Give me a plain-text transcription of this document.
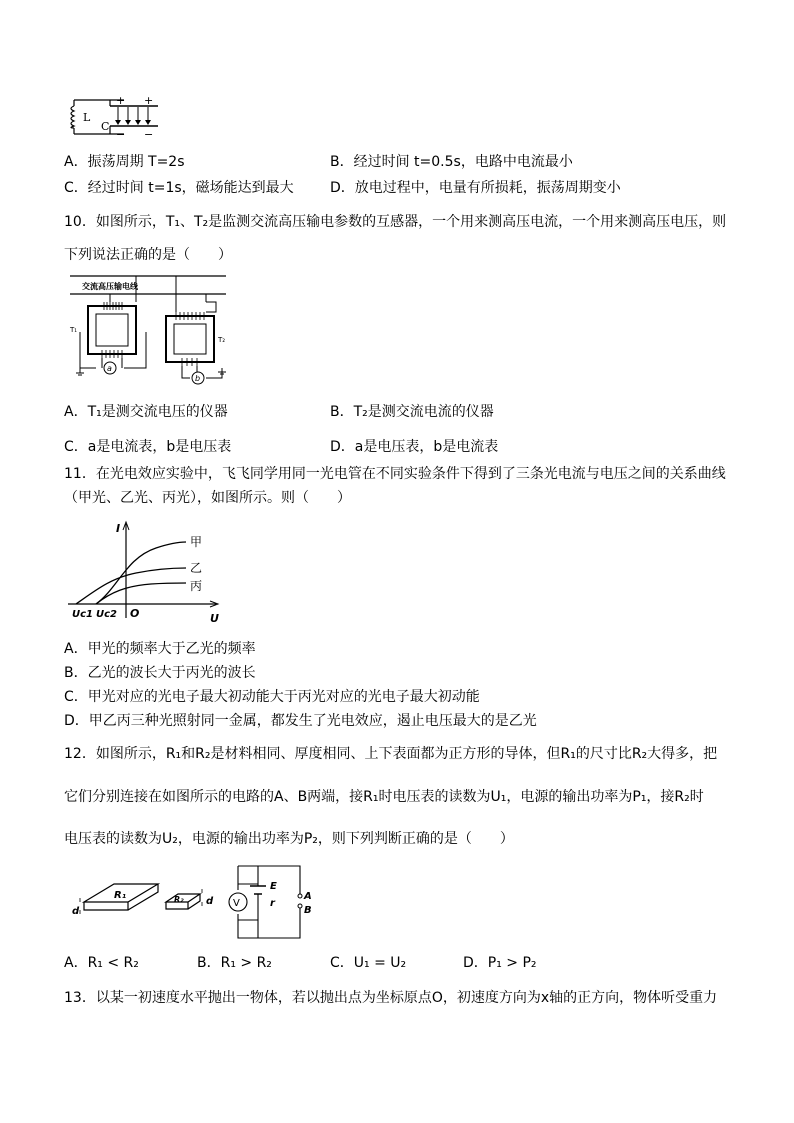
L
C
+ +
− −
A．振荡周期 T=2s	B．经过时间 t=0.5s，电路中电流最小
C．经过时间 t=1s，磁场能达到最大	D．放电过程中，电量有所损耗，振荡周期变小
10．如图所示，T₁、T₂是监测交流高压输电参数的互感器，一个用来测高压电流，一个用来测高压电压，则
下列说法正确的是（　　）
交流高压输电线
a
T₁
b
T₂
A．T₁是测交流电压的仪器	B．T₂是测交流电流的仪器
C．a是电流表，b是电压表	D．a是电压表，b是电流表
11．在光电效应实验中，飞飞同学用同一光电管在不同实验条件下得到了三条光电流与电压之间的关系曲线
（甲光、乙光、丙光），如图所示。则（　　）
I
U
O
Uc1 Uc2
甲
乙
丙
A．甲光的频率大于乙光的频率
B．乙光的波长大于丙光的波长
C．甲光对应的光电子最大初动能大于丙光对应的光电子最大初动能
D．甲乙丙三种光照射同一金属，都发生了光电效应，遏止电压最大的是乙光
12．如图所示，R₁和R₂是材料相同、厚度相同、上下表面都为正方形的导体，但R₁的尺寸比R₂大得多，把
它们分别连接在如图所示的电路的A、B两端，接R₁时电压表的读数为U₁，电源的输出功率为P₁，接R₂时
电压表的读数为U₂，电源的输出功率为P₂，则下列判断正确的是（　　）
R₁
d
R₂ d V
E
r
A
B
A．R₁ < R₂	B．R₁ > R₂	C．U₁ = U₂	D．P₁ > P₂
13．以某一初速度水平抛出一物体，若以抛出点为坐标原点O，初速度方向为x轴的正方向，物体听受重力
